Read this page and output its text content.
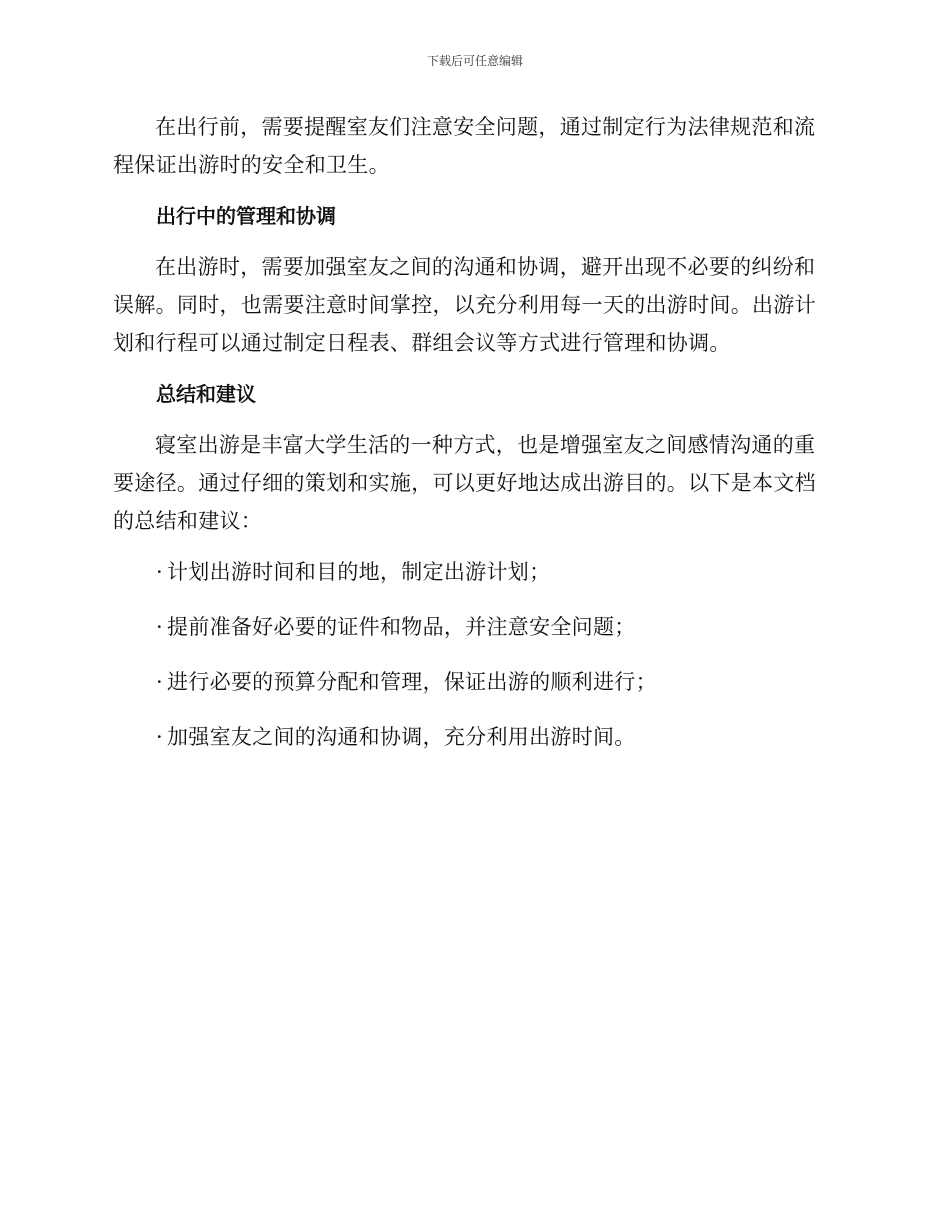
下载后可任意编辑

在出行前，需要提醒室友们注意安全问题，通过制定行为法律规范和流程保证出游时的安全和卫生。

出行中的管理和协调

在出游时，需要加强室友之间的沟通和协调，避开出现不必要的纠纷和误解。同时，也需要注意时间掌控，以充分利用每一天的出游时间。出游计划和行程可以通过制定日程表、群组会议等方式进行管理和协调。

总结和建议

寝室出游是丰富大学生活的一种方式，也是增强室友之间感情沟通的重要途径。通过仔细的策划和实施，可以更好地达成出游目的。以下是本文档的总结和建议：

· 计划出游时间和目的地，制定出游计划；
· 提前准备好必要的证件和物品，并注意安全问题；
· 进行必要的预算分配和管理，保证出游的顺利进行；
· 加强室友之间的沟通和协调，充分利用出游时间。
